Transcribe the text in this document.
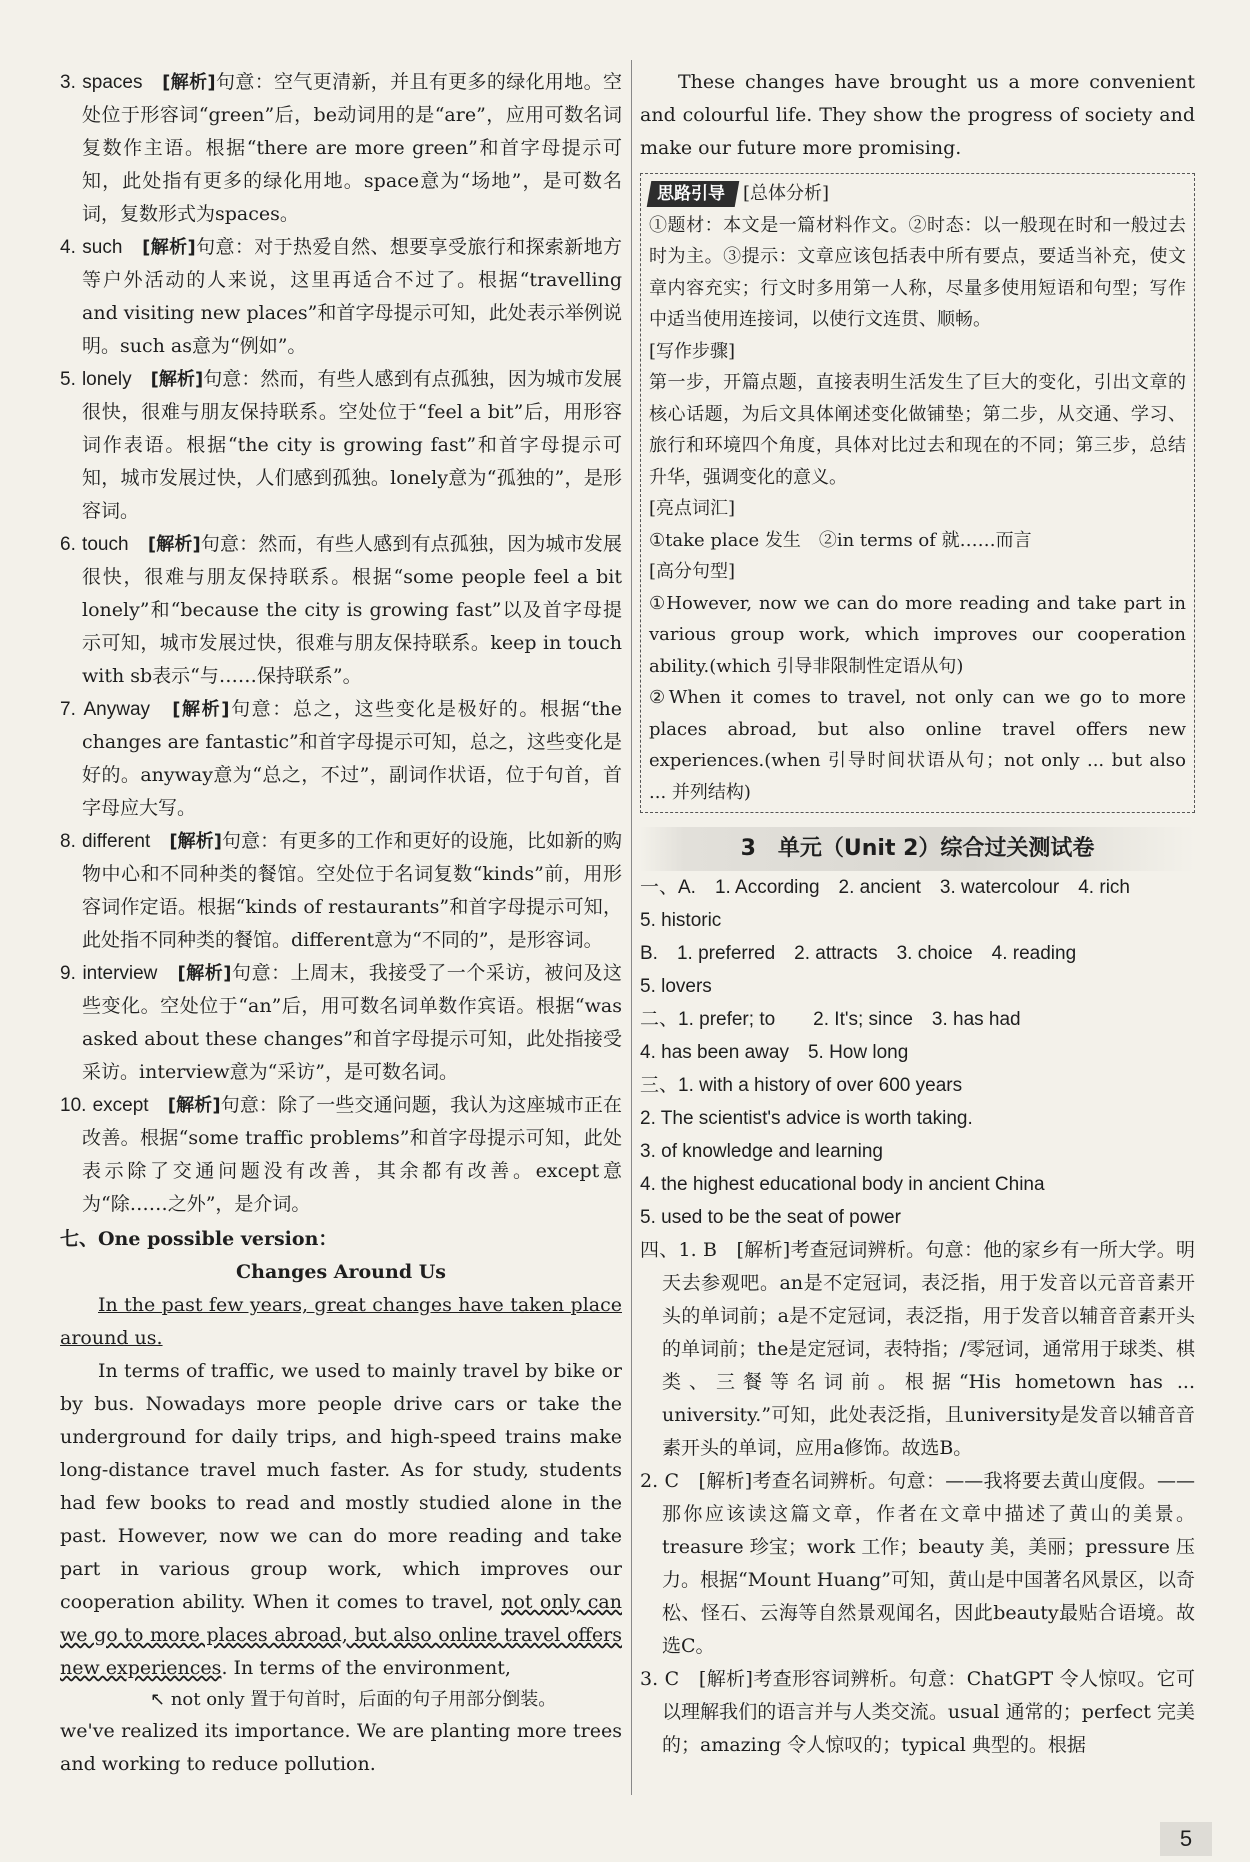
3. spaces　 [解析]句意：空气更清新，并且有更多的绿化用地。空处位于形容词“green”后，be动词用的是“are”，应用可数名词复数作主语。根据“there are more green”和首字母提示可知，此处指有更多的绿化用地。space意为“场地”，是可数名词，复数形式为spaces。
4. such　 [解析]句意：对于热爱自然、想要享受旅行和探索新地方等户外活动的人来说，这里再适合不过了。根据“travelling and visiting new places”和首字母提示可知，此处表示举例说明。such as意为“例如”。
5. lonely　 [解析]句意：然而，有些人感到有点孤独，因为城市发展很快，很难与朋友保持联系。空处位于“feel a bit”后，用形容词作表语。根据“the city is growing fast”和首字母提示可知，城市发展过快，人们感到孤独。lonely意为“孤独的”，是形容词。
6. touch　 [解析]句意：然而，有些人感到有点孤独，因为城市发展很快，很难与朋友保持联系。根据“some people feel a bit lonely”和“because the city is growing fast”以及首字母提示可知，城市发展过快，很难与朋友保持联系。keep in touch with sb表示“与……保持联系”。
7. Anyway　 [解析]句意：总之，这些变化是极好的。根据“the changes are fantastic”和首字母提示可知，总之，这些变化是好的。anyway意为“总之，不过”，副词作状语，位于句首，首字母应大写。
8. different　 [解析]句意：有更多的工作和更好的设施，比如新的购物中心和不同种类的餐馆。空处位于名词复数“kinds”前，用形容词作定语。根据“kinds of restaurants”和首字母提示可知，此处指不同种类的餐馆。different意为“不同的”，是形容词。
9. interview　 [解析]句意：上周末，我接受了一个采访，被问及这些变化。空处位于“an”后，用可数名词单数作宾语。根据“was asked about these changes”和首字母提示可知，此处指接受采访。interview意为“采访”，是可数名词。
10. except　 [解析]句意：除了一些交通问题，我认为这座城市正在改善。根据“some traffic problems”和首字母提示可知，此处表示除了交通问题没有改善，其余都有改善。except意为“除……之外”，是介词。
七、One possible version：
Changes Around Us
In the past few years, great changes have taken place around us.
In terms of traffic, we used to mainly travel by bike or by bus. Nowadays more people drive cars or take the underground for daily trips, and high-speed trains make long-distance travel much faster. As for study, students had few books to read and mostly studied alone in the past. However, now we can do more reading and take part in various group work, which improves our cooperation ability. When it comes to travel, not only can we go to more places abroad, but also online travel offers new experiences. In terms of the environment,
↖ not only 置于句首时，后面的句子用部分倒装。
we've realized its importance. We are planting more trees and working to reduce pollution.
These changes have brought us a more convenient and colourful life. They show the progress of society and make our future more promising.
思路引导 [总体分析]
①题材：本文是一篇材料作文。②时态：以一般现在时和一般过去时为主。③提示：文章应该包括表中所有要点，要适当补充，使文章内容充实；行文时多用第一人称，尽量多使用短语和句型；写作中适当使用连接词，以使行文连贯、顺畅。
[写作步骤]
第一步，开篇点题，直接表明生活发生了巨大的变化，引出文章的核心话题，为后文具体阐述变化做铺垫；第二步，从交通、学习、旅行和环境四个角度，具体对比过去和现在的不同；第三步，总结升华，强调变化的意义。
[亮点词汇]
①take place 发生　②in terms of 就……而言
[高分句型]
①However, now we can do more reading and take part in various group work, which improves our cooperation ability.(which 引导非限制性定语从句)
②When it comes to travel, not only can we go to more places abroad, but also online travel offers new experiences.(when 引导时间状语从句；not only ... but also ... 并列结构)
3　单元（Unit 2）综合过关测试卷
一、A.　1. According　2. ancient　3. watercolour　4. rich
5. historic
B.　1. preferred　2. attracts　3. choice　4. reading
5. lovers
二、1. prefer; to　　2. It's; since　3. has had
4. has been away　5. How long
三、1. with a history of over 600 years
2. The scientist's advice is worth taking.
3. of knowledge and learning
4. the highest educational body in ancient China
5. used to be the seat of power
四、1. B　[解析]考查冠词辨析。句意：他的家乡有一所大学。明天去参观吧。an是不定冠词，表泛指，用于发音以元音音素开头的单词前；a是不定冠词，表泛指，用于发音以辅音音素开头的单词前；the是定冠词，表特指；/零冠词，通常用于球类、棋类、三餐等名词前。根据“His hometown has ... university.”可知，此处表泛指，且university是发音以辅音音素开头的单词，应用a修饰。故选B。
2. C　[解析]考查名词辨析。句意：——我将要去黄山度假。——那你应该读这篇文章，作者在文章中描述了黄山的美景。treasure 珍宝；work 工作；beauty 美，美丽；pressure 压力。根据“Mount Huang”可知，黄山是中国著名风景区，以奇松、怪石、云海等自然景观闻名，因此beauty最贴合语境。故选C。
3. C　[解析]考查形容词辨析。句意：ChatGPT 令人惊叹。它可以理解我们的语言并与人类交流。usual 通常的；perfect 完美的；amazing 令人惊叹的；typical 典型的。根据
5
